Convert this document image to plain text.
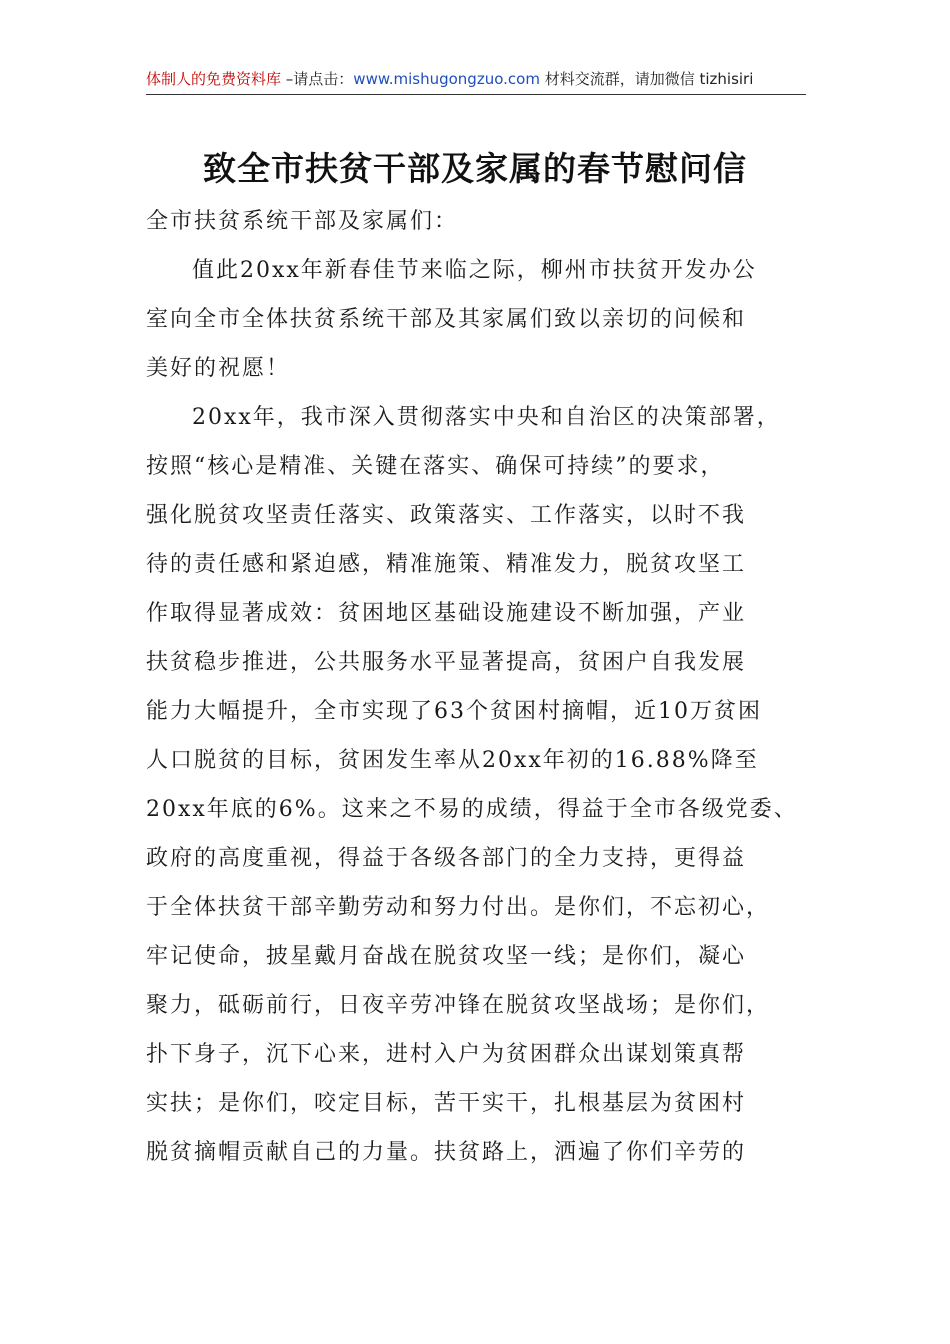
体制人的免费资料库 –请点击：www.mishugongzuo.com 材料交流群，请加微信 tizhisiri
致全市扶贫干部及家属的春节慰问信
全市扶贫系统干部及家属们：
值此20xx年新春佳节来临之际，柳州市扶贫开发办公
室向全市全体扶贫系统干部及其家属们致以亲切的问候和
美好的祝愿！
20xx年，我市深入贯彻落实中央和自治区的决策部署，
按照“核心是精准、关键在落实、确保可持续”的要求，
强化脱贫攻坚责任落实、政策落实、工作落实，以时不我
待的责任感和紧迫感，精准施策、精准发力，脱贫攻坚工
作取得显著成效：贫困地区基础设施建设不断加强，产业
扶贫稳步推进，公共服务水平显著提高，贫困户自我发展
能力大幅提升，全市实现了63个贫困村摘帽，近10万贫困
人口脱贫的目标，贫困发生率从20xx年初的16.88%降至
20xx年底的6%。这来之不易的成绩，得益于全市各级党委、
政府的高度重视，得益于各级各部门的全力支持，更得益
于全体扶贫干部辛勤劳动和努力付出。是你们，不忘初心，
牢记使命，披星戴月奋战在脱贫攻坚一线；是你们，凝心
聚力，砥砺前行，日夜辛劳冲锋在脱贫攻坚战场；是你们，
扑下身子，沉下心来，进村入户为贫困群众出谋划策真帮
实扶；是你们，咬定目标，苦干实干，扎根基层为贫困村
脱贫摘帽贡献自己的力量。扶贫路上，洒遍了你们辛劳的
